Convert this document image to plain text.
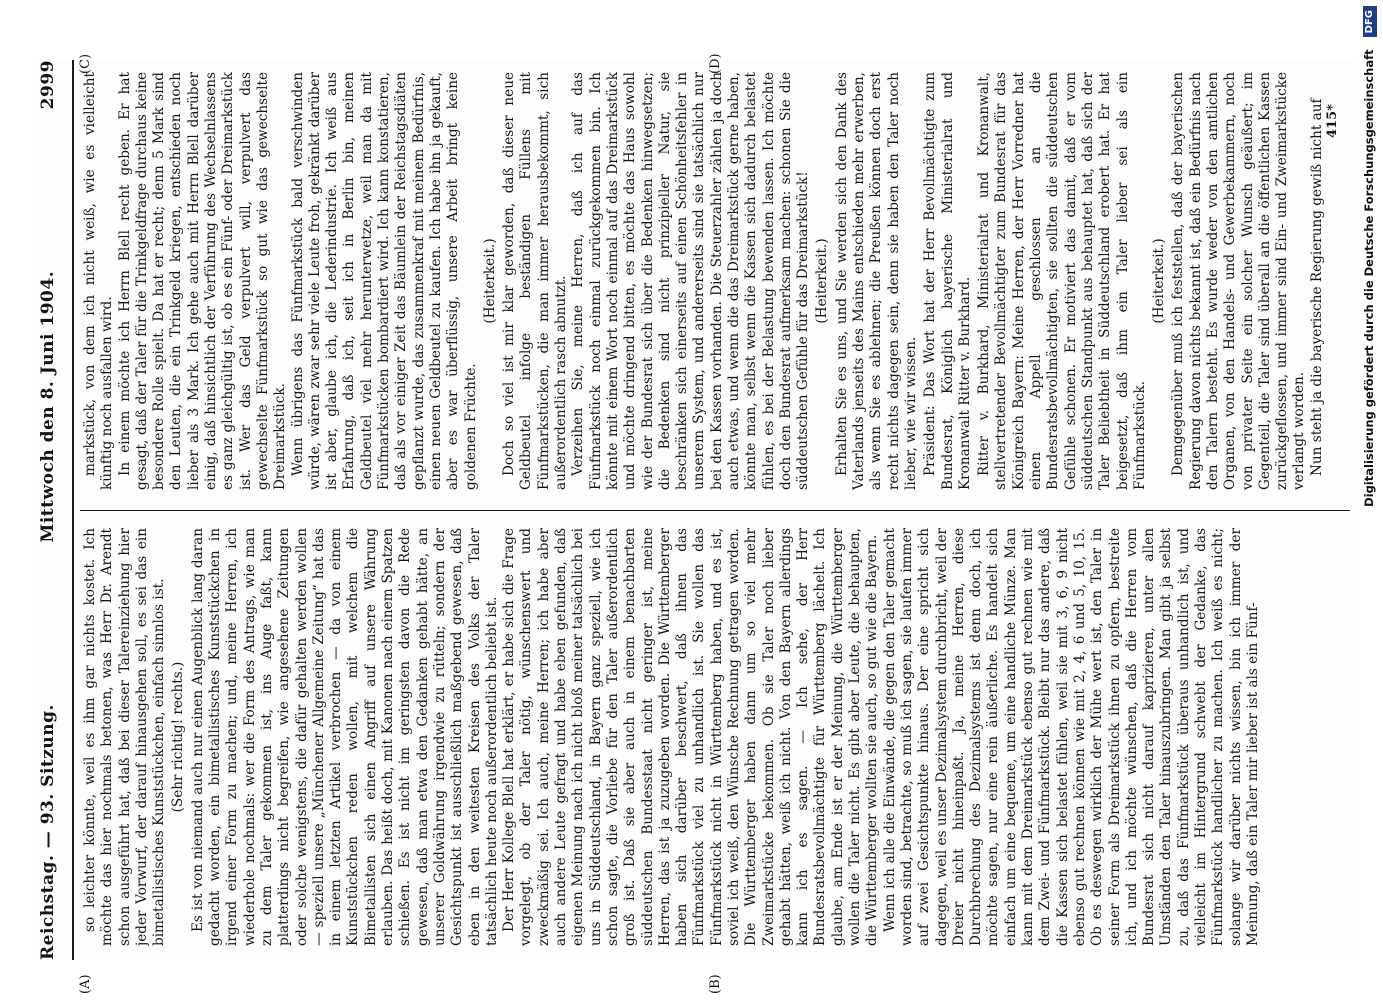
Reichstag. — 93. Sitzung.
Mittwoch den 8. Juni 1904.
2999

so leichter könnte, weil es ihm gar nichts kostet. Ich möchte das hier nochmals betonen, was Herr Dr. Arendt schon ausgeführt hat, daß bei dieser Talereinziehung hier jeder Vorwurf, der darauf hinausgehen soll, es sei das ein bimetallistisches Kunststückchen, einfach sinnlos ist. (Sehr richtig! rechts.) Es ist von niemand auch nur einen Augenblick lang daran gedacht worden, ein bimetallistisches Kunststückchen in irgend einer Form zu machen; und, meine Herren, ich wiederhole nochmals: wer die Form des Antrags, wie man zu dem Taler gekommen ist, ins Auge faßt, kann platterdings nicht begreifen, wie angesehene Zeitungen oder solche wenigstens, die dafür gehalten werden wollen — speziell unsere „Münchener Allgemeine Zeitung“ hat das in einem letzten Artikel verbrochen — da von einem Kunststückchen reden wollen, mit welchem die Bimetallisten sich einen Angriff auf unsere Währung erlauben. Das heißt doch, mit Kanonen nach einem Spatzen schießen. Es ist nicht im geringsten davon die Rede gewesen, daß man etwa den Gedanken gehabt hätte, an unserer Goldwährung irgendwie zu rütteln; sondern der Gesichtspunkt ist ausschließlich maßgebend gewesen, daß eben in den weitesten Kreisen des Volks der Taler tatsächlich heute noch außerordentlich beliebt ist. Der Herr Kollege Blell hat erklärt, er habe sich die Frage vorgelegt, ob der Taler nötig, wünschenswert und zweckmäßig sei. Ich auch, meine Herren; ich habe aber auch andere Leute gefragt und habe eben gefunden, daß eigenen Meinung nach ich nicht bloß meiner tatsächlich bei uns in Süddeutschland, in Bayern ganz speziell, wie ich schon sagte, die Vorliebe für den Taler außerordentlich groß ist. Daß sie aber auch in einem benachbarten süddeutschen Bundesstaat nicht geringer ist, meine Herren, das ist ja zuzugeben worden. Die Württemberger haben sich darüber beschwert, daß ihnen das Fünfmarkstück viel zu unhandlich ist. Sie wollen das Fünfmarkstück nicht in Württemberg haben, und es ist, soviel ich weiß, den Wünsche Rechnung getragen worden. Die Württemberger haben dann um so viel mehr Zweimarkstücke bekommen. Ob sie Taler noch lieber gehabt hätten, weiß ich nicht. Von den Bayern allerdings kann ich es sagen. — Ich sehe, der Herr Bundesratsbevollmächtigte für Württemberg lächelt. Ich glaube, am Ende ist er der Meinung, die Württemberger wollen die Taler nicht. Es gibt aber Leute, die behaupten, die Württemberger wollten sie auch, so gut wie die Bayern. Wenn ich alle die Einwände, die gegen den Taler gemacht worden sind, betrachte, so muß ich sagen, sie laufen immer auf zwei Gesichtspunkte hinaus. Der eine spricht sich dagegen, weil es unser Dezimalsystem durchbricht, weil der Dreier nicht hineinpaßt. Ja, meine Herren, diese Durchbrechung des Dezimalsystems ist denn doch, ich möchte sagen, nur eine rein äußerliche. Es handelt sich einfach um eine bequeme, um eine handliche Münze. Man kann mit dem Dreimarkstück ebenso gut rechnen wie mit dem Zwei- und Fünfmarkstück. Bleibt nur das andere, daß die Kassen sich belastet fühlen, weil sie mit 3, 6, 9 nicht ebenso gut rechnen können wie mit 2, 4, 6 und 5, 10, 15. Ob es deswegen wirklich der Mühe wert ist, den Taler in seiner Form als Dreimarkstück ihnen zu opfern, bestreite ich, und ich möchte wünschen, daß die Herren vom Bundesrat sich nicht darauf kaprizieren, unter allen Umständen den Taler hinauszubringen. Man gibt ja selbst zu, daß das Fünfmarkstück überaus unhandlich ist, und vielleicht im Hintergrund schwebt der Gedanke, das Fünfmarkstück handlicher zu machen. Ich weiß es nicht; solange wir darüber nichts wissen, bin ich immer der Meinung, daß ein Taler mir lieber ist als ein Fünf-

markstück, von dem ich nicht weiß, wie es vielleicht künftig noch ausfallen wird. In einem möchte ich Herrn Blell recht geben. Er hat gesagt, daß der Taler für die Trinkgeldfrage durchaus keine besondere Rolle spielt. Da hat er recht; denn 5 Mark sind den Leuten, die ein Trinkgeld kriegen, entschieden noch lieber als 3 Mark. Ich gehe auch mit Herrn Blell darüber einig, daß hinsichtlich der Verführung des Wechselnlassens es ganz gleichgültig ist, ob es ein Fünf- oder Dreimarkstück ist. Wer das Geld verpulvert will, verpulvert das gewechselte Fünfmarkstück so gut wie das gewechselte Dreimarkstück. Wenn übrigens das Fünfmarkstück bald verschwinden würde, wären zwar sehr viele Leute froh, gekränkt darüber ist aber, glaube ich, die Lederindustrie. Ich weiß aus Erfahrung, daß ich, seit ich in Berlin bin, meinen Geldbeutel viel mehr herunterwetze, weil man da mit Fünfmarkstücken bombardiert wird. Ich kann konstatieren, daß als vor einiger Zeit das Bäumlein der Reichstagsdiäten gepflanzt wurde, das zusammenkraf mit meinem Bedürfnis, einen neuen Geldbeutel zu kaufen. Ich habe ihn ja gekauft, aber es war überflüssig, unsere Arbeit bringt keine goldenen Früchte.

(Heiterkeit.) Doch so viel ist mir klar geworden, daß dieser neue Geldbeutel infolge beständigen Füllens mit Fünfmarkstücken, die man immer herausbekommt, sich außerordentlich rasch abnutzt. Verzeihen Sie, meine Herren, daß ich auf das Fünfmarkstück noch einmal zurückgekommen bin. Ich könnte mit einem Wort noch einmal auf das Dreimarkstück und möchte dringend bitten, es möchte das Haus sowohl wie der Bundesrat sich über die Bedenken hinwegsetzen; die Bedenken sind nicht prinzipieller Natur, sie beschränken sich einerseits auf einen Schönheitsfehler in unserem System, und andererseits sind sie tatsächlich nur bei den Kassen vorhanden. Die Steuerzahler zählen ja doch auch etwas, und wenn die das Dreimarkstück gerne haben, könnte man, selbst wenn die Kassen sich dadurch belastet fühlen, es bei der Belastung bewenden lassen. Ich möchte doch den Bundesrat aufmerksam machen: schonen Sie die süddeutschen Gefühle für das Dreimarkstück! (Heiterkeit.) Erhalten Sie es uns, und Sie werden sich den Dank des Vaterlands jenseits des Mains entschieden mehr erwerben, als wenn Sie es ablehnen; die Preußen können doch erst recht nichts dagegen sein, denn sie haben den Taler noch lieber, wie wir wissen. Präsident: Das Wort hat der Herr Bevollmächtigte zum Bundesrat, Königlich bayerische Ministerialrat und Kronanwalt Ritter v. Burkhard. Ritter v. Burkhard, Ministerialrat und Kronanwalt, stellvertretender Bevollmächtigter zum Bundesrat für das Königreich Bayern: Meine Herren, der Herr Vorredner hat einen Appell geschlossen an die Bundesratsbevollmächtigten, sie sollten die süddeutschen Gefühle schonen. Er motiviert das damit, daß er vom süddeutschen Standpunkt aus behauptet hat, daß sich der Taler Beliebtheit in Süddeutschland erobert hat. Er hat beigesetzt, daß ihm ein Taler lieber sei als ein Fünfmarkstück.

(Heiterkeit.) Demgegenüber muß ich feststellen, daß der bayerischen Regierung davon nichts bekannt ist, daß ein Bedürfnis nach den Talern besteht. Es wurde weder von den amtlichen Organen, von den Handels- und Gewerbekammern, noch von privater Seite ein solcher Wunsch geäußert; im Gegenteil, die Taler sind überall an die öffentlichen Kassen zurückgeflossen, und immer sind Ein- und Zweimarkstücke verlangt worden. Nun steht ja die bayerische Regierung gewiß nicht auf

(A)	(B)
(C)	(D)
415*	Digitalisierung gefördert durch die Deutsche Forschungsgemeinschaft DFG
